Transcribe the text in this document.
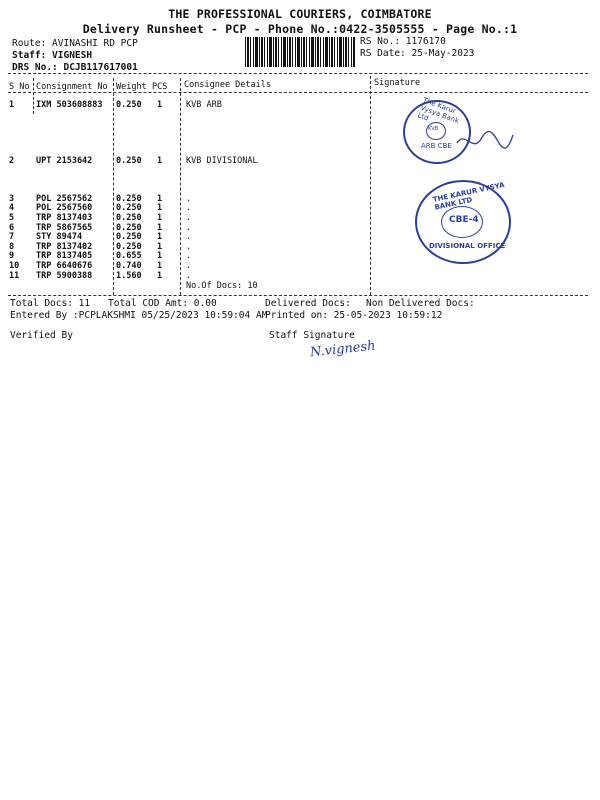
THE PROFESSIONAL COURIERS, COIMBATORE
Delivery Runsheet - PCP - Phone No.:0422-3505555 - Page No.:1
Route: AVINASHI RD PCP
Staff: VIGNESH
DRS No.: DCJB117617001
RS No.: 1176170
RS Date: 25-May-2023
S No Consignment No Weight PCS Consignee Details	Signature
1	IXM 503608883 0.250 1	KVB ARB
2	UPT 2153642	0.250 1	KVB DIVISIONAL
3	POL 2567562	0.250 1	.
4	POL 2567560	0.250 1	.
5	TRP 8137403	0.250 1	.
6	TRP 5867565	0.250 1	.
7	STY 89474	0.250 1	.
8	TRP 8137402	0.250 1	.
9	TRP 8137405	0.655 1	.
10 TRP 6640676	0.740 1	.
11 TRP 5900388	1.560 1	.
No.Of Docs: 10
The Karur Vysya Bank Ltd
KVB
ARB CBE
THE KARUR VYSYA BANK LTD
CBE-4
DIVISIONAL OFFICE
Total Docs: 11 Total COD Amt: 0.00	Delivered Docs: Non Delivered Docs:
Entered By :PCPLAKSHMI 05/25/2023 10:59:04 AM
Printed on: 25-05-2023 10:59:12
Verified By	Staff Signature
N.vignesh
